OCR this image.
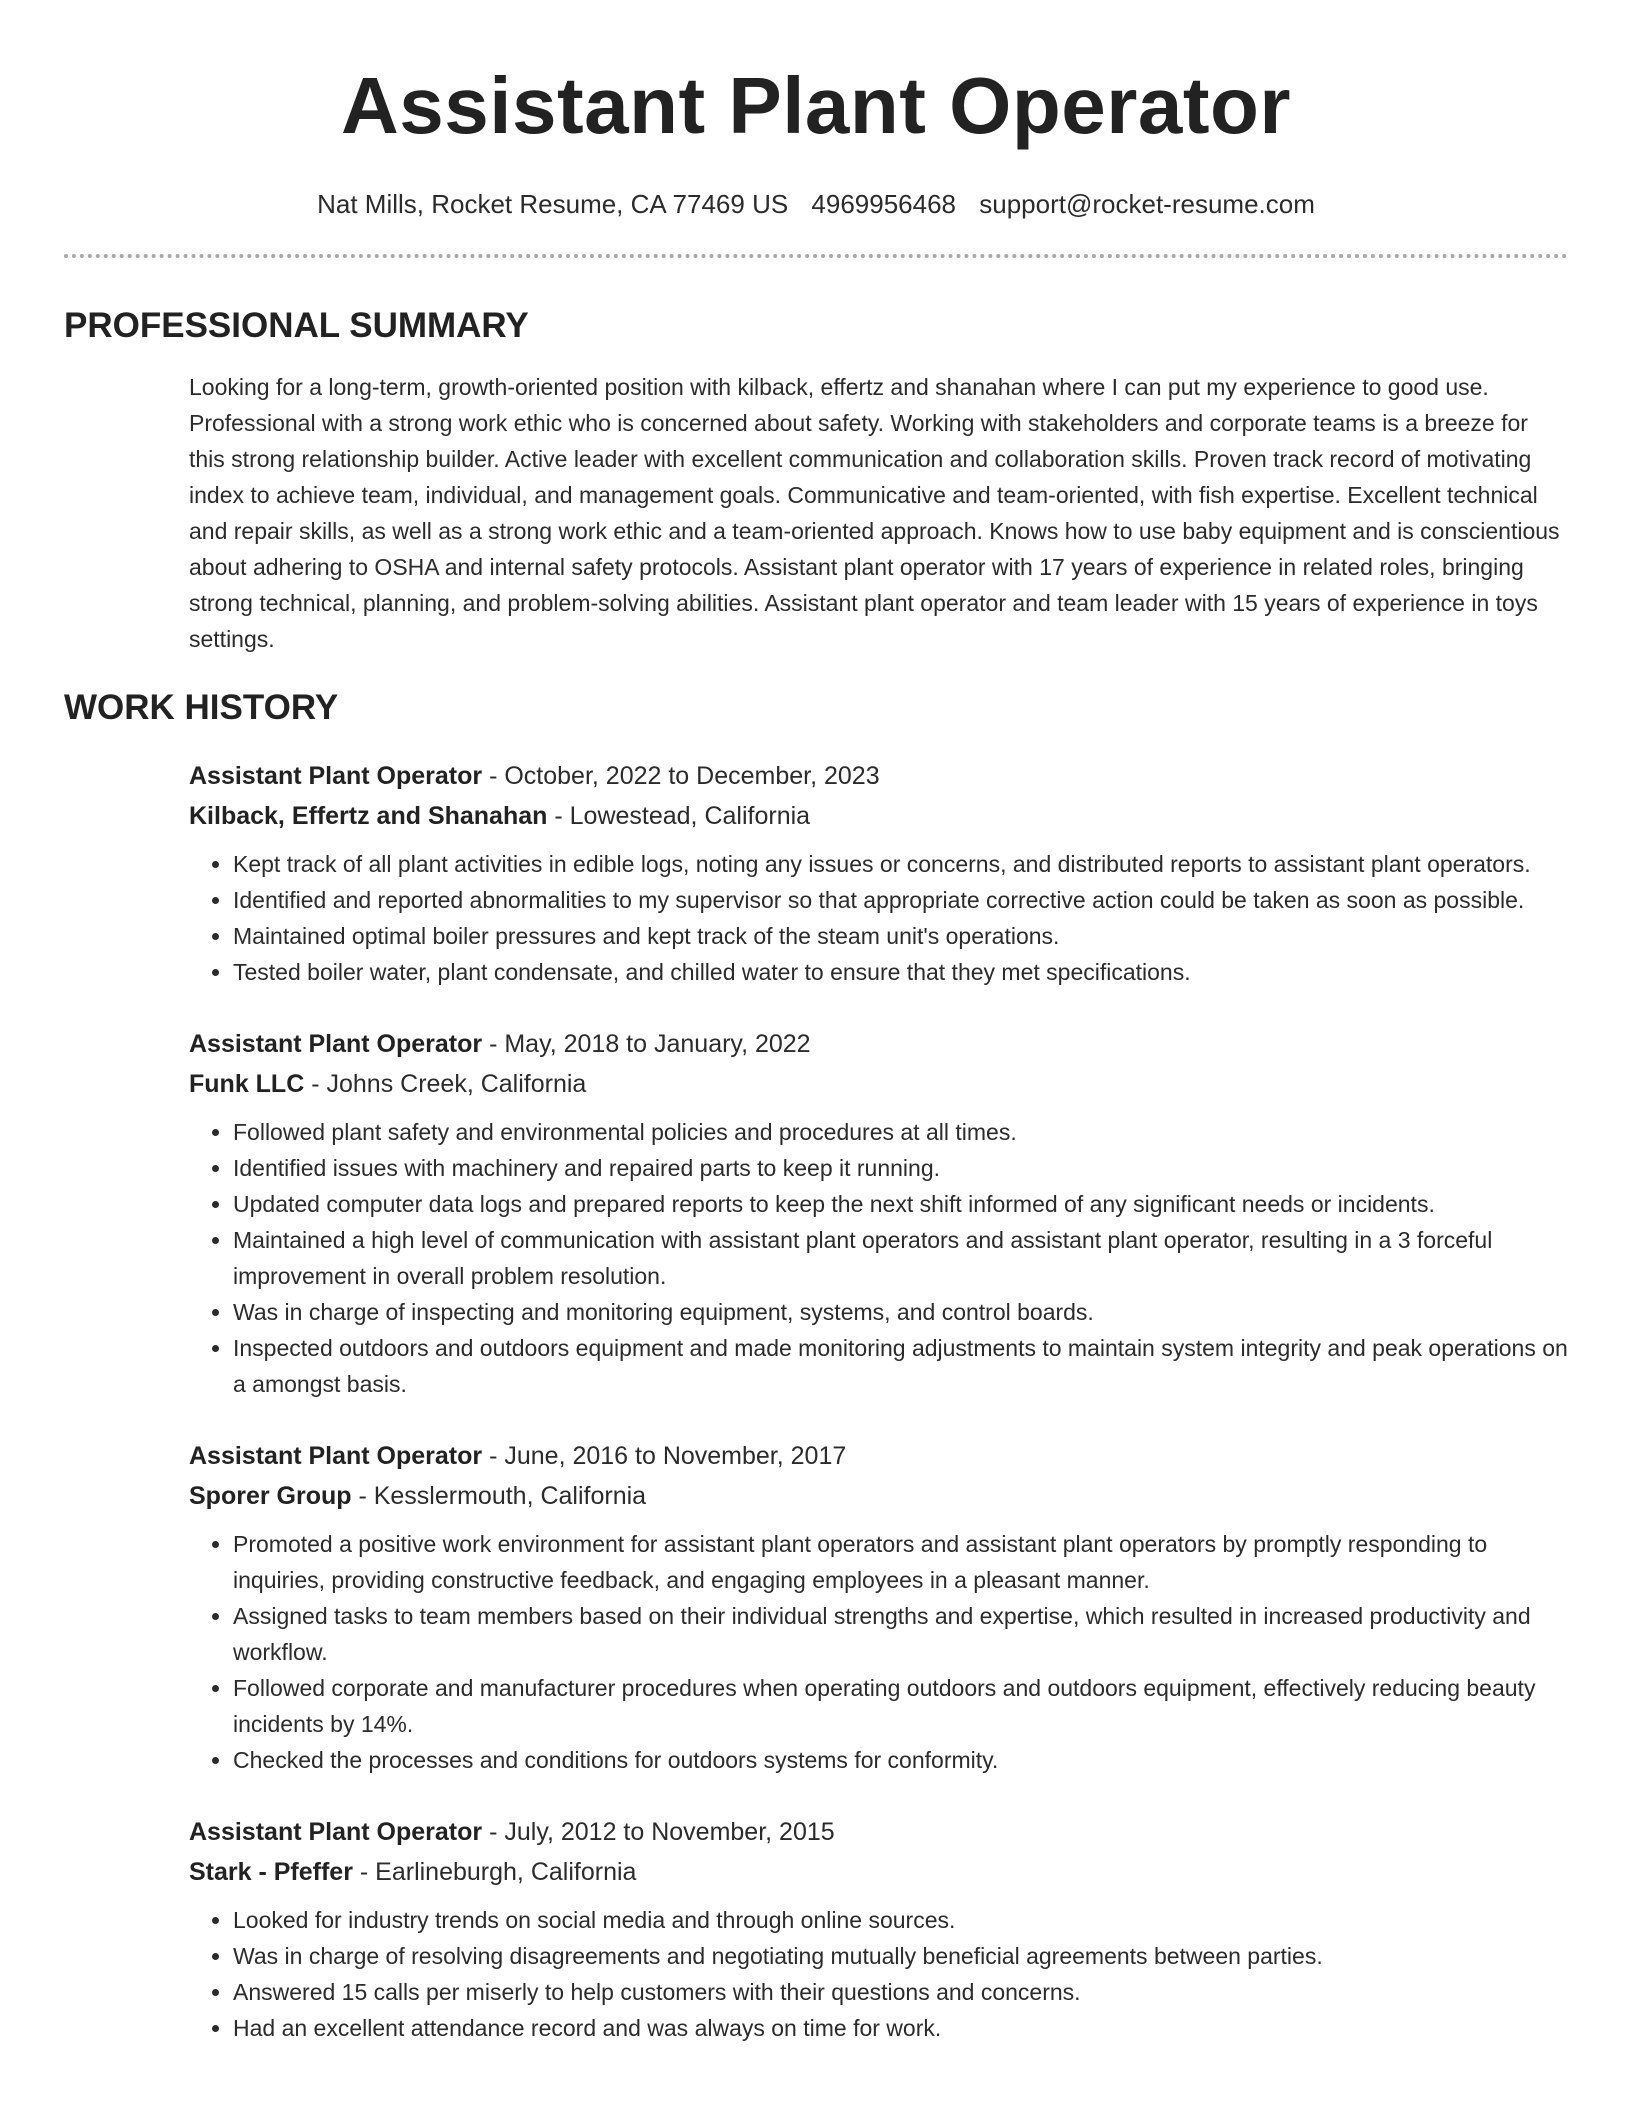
Assistant Plant Operator
Nat Mills, Rocket Resume, CA 77469 US 4969956468 support@rocket-resume.com
PROFESSIONAL SUMMARY

Looking for a long-term, growth-oriented position with kilback, effertz and shanahan where I can put my experience to good use. Professional with a strong work ethic who is concerned about safety. Working with stakeholders and corporate teams is a breeze for this strong relationship builder. Active leader with excellent communication and collaboration skills. Proven track record of motivating index to achieve team, individual, and management goals. Communicative and team-oriented, with fish expertise. Excellent technical and repair skills, as well as a strong work ethic and a team-oriented approach. Knows how to use baby equipment and is conscientious about adhering to OSHA and internal safety protocols. Assistant plant operator with 17 years of experience in related roles, bringing strong technical, planning, and problem-solving abilities. Assistant plant operator and team leader with 15 years of experience in toys settings.

WORK HISTORY
Assistant Plant Operator - October, 2022 to December, 2023
Kilback, Effertz and Shanahan - Lowestead, California
• Kept track of all plant activities in edible logs, noting any issues or concerns, and distributed reports to assistant plant operators.
• Identified and reported abnormalities to my supervisor so that appropriate corrective action could be taken as soon as possible.
• Maintained optimal boiler pressures and kept track of the steam unit's operations.
• Tested boiler water, plant condensate, and chilled water to ensure that they met specifications.
Assistant Plant Operator - May, 2018 to January, 2022
Funk LLC - Johns Creek, California
• Followed plant safety and environmental policies and procedures at all times.
• Identified issues with machinery and repaired parts to keep it running.
• Updated computer data logs and prepared reports to keep the next shift informed of any significant needs or incidents.
• Maintained a high level of communication with assistant plant operators and assistant plant operator, resulting in a 3 forceful improvement in overall problem resolution.
• Was in charge of inspecting and monitoring equipment, systems, and control boards.
• Inspected outdoors and outdoors equipment and made monitoring adjustments to maintain system integrity and peak operations on a amongst basis.
Assistant Plant Operator - June, 2016 to November, 2017
Sporer Group - Kesslermouth, California
• Promoted a positive work environment for assistant plant operators and assistant plant operators by promptly responding to inquiries, providing constructive feedback, and engaging employees in a pleasant manner.
• Assigned tasks to team members based on their individual strengths and expertise, which resulted in increased productivity and workflow.
• Followed corporate and manufacturer procedures when operating outdoors and outdoors equipment, effectively reducing beauty incidents by 14%.
• Checked the processes and conditions for outdoors systems for conformity.
Assistant Plant Operator - July, 2012 to November, 2015
Stark - Pfeffer - Earlineburgh, California
• Looked for industry trends on social media and through online sources.
• Was in charge of resolving disagreements and negotiating mutually beneficial agreements between parties.
• Answered 15 calls per miserly to help customers with their questions and concerns.
• Had an excellent attendance record and was always on time for work.
